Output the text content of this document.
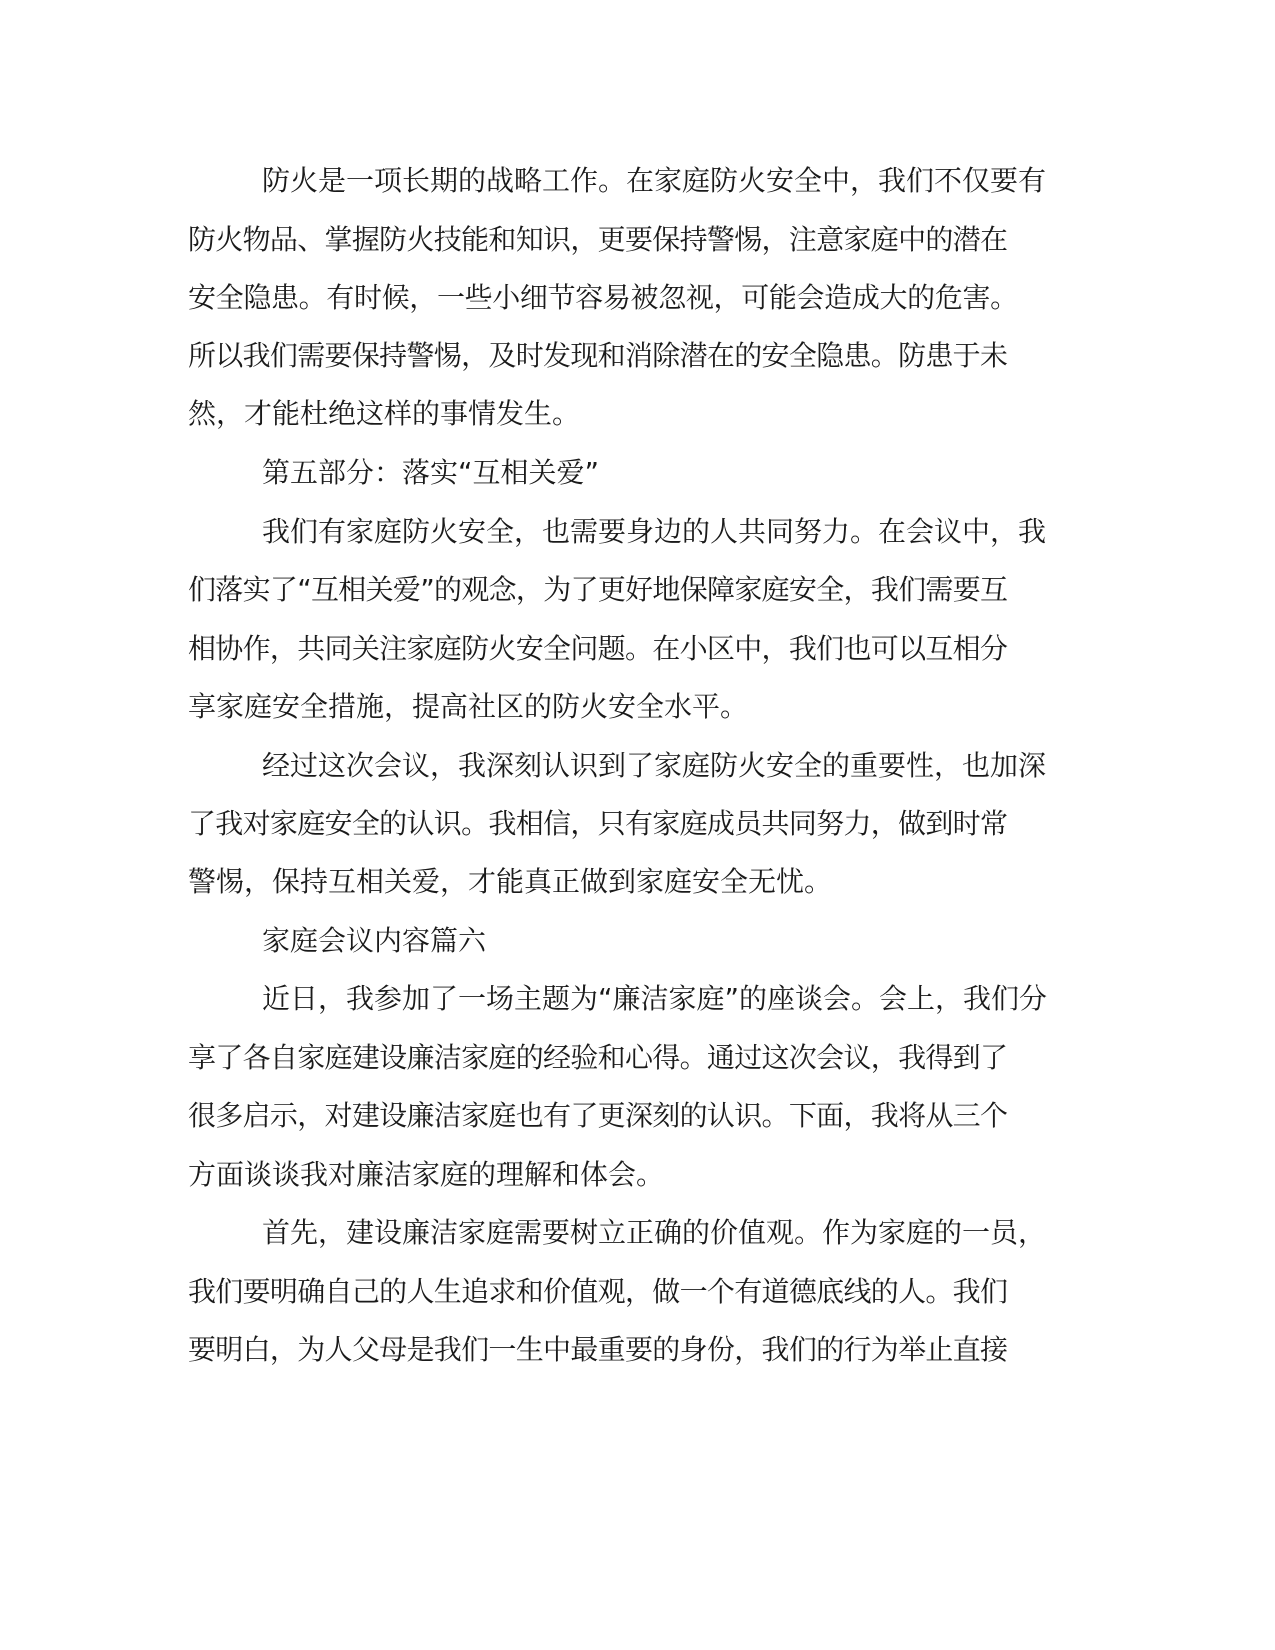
防火是一项长期的战略工作。在家庭防火安全中，我们不仅要有
防火物品、掌握防火技能和知识，更要保持警惕，注意家庭中的潜在
安全隐患。有时候，一些小细节容易被忽视，可能会造成大的危害。
所以我们需要保持警惕，及时发现和消除潜在的安全隐患。防患于未
然，才能杜绝这样的事情发生。
第五部分：落实“互相关爱”
我们有家庭防火安全，也需要身边的人共同努力。在会议中，我
们落实了“互相关爱”的观念，为了更好地保障家庭安全，我们需要互
相协作，共同关注家庭防火安全问题。在小区中，我们也可以互相分
享家庭安全措施，提高社区的防火安全水平。
经过这次会议，我深刻认识到了家庭防火安全的重要性，也加深
了我对家庭安全的认识。我相信，只有家庭成员共同努力，做到时常
警惕，保持互相关爱，才能真正做到家庭安全无忧。
家庭会议内容篇六
近日，我参加了一场主题为“廉洁家庭”的座谈会。会上，我们分
享了各自家庭建设廉洁家庭的经验和心得。通过这次会议，我得到了
很多启示，对建设廉洁家庭也有了更深刻的认识。下面，我将从三个
方面谈谈我对廉洁家庭的理解和体会。
首先，建设廉洁家庭需要树立正确的价值观。作为家庭的一员，
我们要明确自己的人生追求和价值观，做一个有道德底线的人。我们
要明白，为人父母是我们一生中最重要的身份，我们的行为举止直接
